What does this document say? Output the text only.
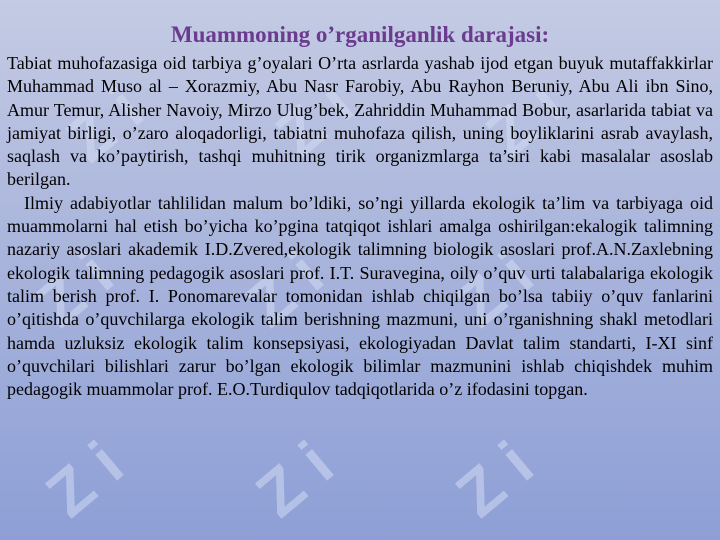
Z i Z i Z i
Z i Z i Z i
Z i Z i Z i
Muammoning o’rganilganlik darajasi:

Tabiat muhofazasiga oid tarbiya g’oyalari O’rta asrlarda yashab ijod etgan buyuk mutaffakkirlar Muhammad Muso al – Xorazmiy, Abu Nasr Farobiy, Abu Rayhon Beruniy, Abu Ali ibn Sino, Amur Temur, Alisher Navoiy, Mirzo Ulug’bek, Zahriddin Muhammad Bobur, asarlarida tabiat va jamiyat birligi, o’zaro aloqadorligi, tabiatni muhofaza qilish, uning boyliklarini asrab avaylash, saqlash va ko’paytirish, tashqi muhitning tirik organizmlarga ta’siri kabi masalalar asoslab berilgan.

Ilmiy adabiyotlar tahlilidan malum bo’ldiki, so’ngi yillarda ekologik ta’lim va tarbiyaga oid muammolarni hal etish bo’yicha ko’pgina tatqiqot ishlari amalga oshirilgan:ekalogik talimning nazariy asoslari akademik I.D.Zvered,ekologik talimning biologik asoslari prof.A.N.Zaxlebning ekologik talimning pedagogik asoslari prof. I.T. Suravegina, oily o’quv urti talabalariga ekologik talim berish prof. I. Ponomarevalar tomonidan ishlab chiqilgan bo’lsa tabiiy o’quv fanlarini o’qitishda o’quvchilarga ekologik talim berishning mazmuni, uni o’rganishning shakl metodlari hamda uzluksiz ekologik talim konsepsiyasi, ekologiyadan Davlat talim standarti, I-XI sinf o’quvchilari bilishlari zarur bo’lgan ekologik bilimlar mazmunini ishlab chiqishdek muhim pedagogik muammolar prof. E.O.Turdiqulov tadqiqotlarida o’z ifodasini topgan.
